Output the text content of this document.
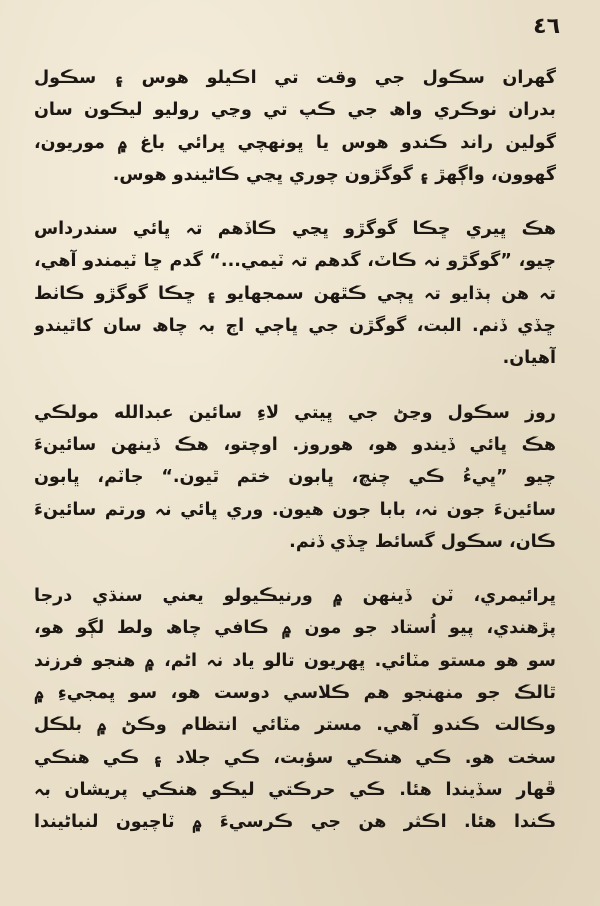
٤٦
گھران سڪول جي وقت تي اڪيلو ھوس ۽ سڪول
بدران نوڪري واھ جي ڪپ تي وڃي روليو ليڪون سان
گولين راند ڪندو ھوس يا ڀونھچي ڀرائي باغ ۾ موريون،
گھوون، واڳھڙ ۽ گوگڙون چوري ڀڃي ڪاڻيندو ھوس.
ھڪ ڀيري ڇڪا گوگڙو ڀڃي ڪاڏھم تہ ڀائي سندرداس
چيو، ”گوگڙو نہ ڪاٽ، گدھم تہ ٽيمي...“ گدم ڇا ٽيمندو آھي،
تہ ھن ٻڌايو تہ ڀڄي ڪٿھن سمجھايو ۽ ڇڪا گوگڙو ڪاٺط
ڇڏي ڏنم. البت، گوگڙن جي ڀاڄي اڄ بہ چاھ سان کاٿيندو
آھيان.
روز سڪول وڃڻ جي ڀيتي لاءِ سائين عبدالله مولڪي
ھڪ ڀائي ڏيندو ھو، ھوروز. اوچتو، ھڪ ڏينھن سائينءَ
چيو ”ڀيءُ ڪي چنچ، ڀابون ختم ٿيون.“ جاٽم، ڀابون
سائينءَ جون نہ، بابا جون ھيون. وري ڀائي نہ ورتم سائينءَ
ڪان، سڪول گسائط ڇڏي ڏنم.
ڀرائيمري، ٽن ڏينھن ۾ ورنيڪيولو يعني سنڌي درجا
پڙھندي، پيو اُستاد جو مون ۾ ڪافي چاھ ولط لڳو ھو،
سو ھو مستو مٽائي. ڀھريون تالو ياد نہ اڻم، ۾ ھنجو فرزند
ٿالڪ جو منھنجو ھم ڪلاسي دوست ھو، سو ڀمجيءِ ۾
وڪالت ڪندو آھي. مستر مٽائي انتظام وڪڻ ۾ بلڪل
سخت ھو. ڪي ھنڪي سؤبت، ڪي جلاد ۽ ڪي ھنڪي
ڦھار سڏيندا ھئا. ڪي حرڪتي ليڪو ھنڪي پريشان بہ
ڪندا ھئا. اڪثر ھن جي ڪرسيءَ ۾ ٽاچيون لنباڻيندا
